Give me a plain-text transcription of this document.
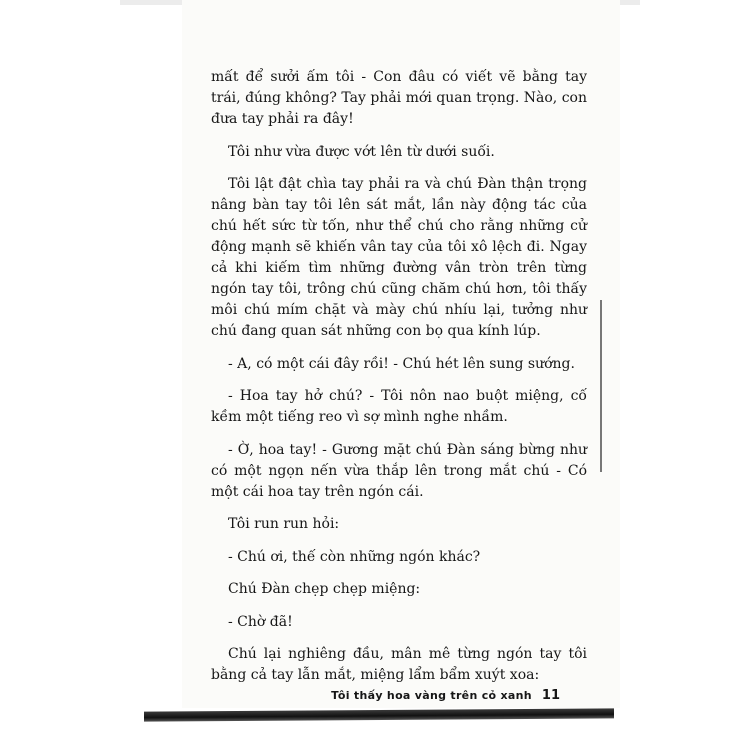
mất để sưởi ấm tôi - Con đâu có viết vẽ bằng tay trái, đúng không? Tay phải mới quan trọng. Nào, con đưa tay phải ra đây!

Tôi như vừa được vớt lên từ dưới suối.

Tôi lật đật chìa tay phải ra và chú Đàn thận trọng nâng bàn tay tôi lên sát mắt, lần này động tác của chú hết sức từ tốn, như thể chú cho rằng những cử động mạnh sẽ khiến vân tay của tôi xô lệch đi. Ngay cả khi kiếm tìm những đường vân tròn trên từng ngón tay tôi, trông chú cũng chăm chú hơn, tôi thấy môi chú mím chặt và mày chú nhíu lại, tưởng như chú đang quan sát những con bọ qua kính lúp.

- A, có một cái đây rồi! - Chú hét lên sung sướng.

- Hoa tay hở chú? - Tôi nôn nao buột miệng, cố kềm một tiếng reo vì sợ mình nghe nhầm.

- Ờ, hoa tay! - Gương mặt chú Đàn sáng bừng như có một ngọn nến vừa thắp lên trong mắt chú - Có một cái hoa tay trên ngón cái.

Tôi run run hỏi:

- Chú ơi, thế còn những ngón khác?

Chú Đàn chẹp chẹp miệng:

- Chờ đã!

Chú lại nghiêng đầu, mân mê từng ngón tay tôi bằng cả tay lẫn mắt, miệng lẩm bẩm xuýt xoa:

Tôi thấy hoa vàng trên cỏ xanh 11
